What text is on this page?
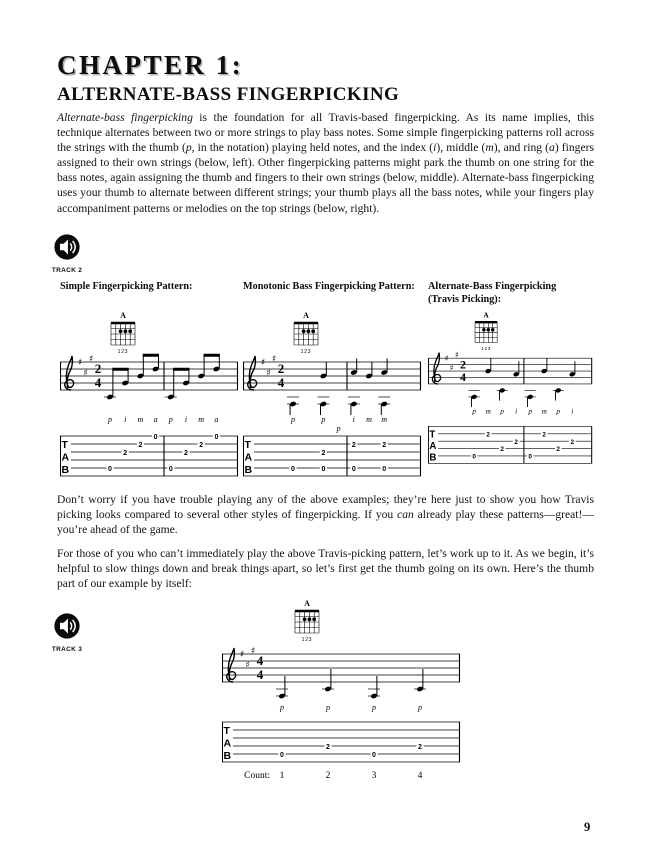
CHAPTER 1:
ALTERNATE-BASS FINGERPICKING

Alternate-bass fingerpicking is the foundation for all Travis-based fingerpicking. As its name implies, this technique alternates between two or more strings to play bass notes. Some simple fingerpicking patterns roll across the strings with the thumb (p, in the notation) playing held notes, and the index (i), middle (m), and ring (a) fingers assigned to their own strings (below, left). Other fingerpicking patterns might park the thumb on one string for the bass notes, again assigning the thumb and fingers to their own strings (below, middle). Alternate-bass fingerpicking uses your thumb to alternate between different strings; your thumb plays all the bass notes, while your fingers play accompaniment patterns or melodies on the top strings (below, right).

TRACK 2
Simple Fingerpicking Pattern:
A
123
♯
♯
♯
2
4
p i m a p i m a
T
A
B	0
2
2
0
0
2
2
0
Monotonic Bass Fingerpicking Pattern:
A
123
♯
♯
♯
2
4
p	p	i m m
p
T
A
B	0	0	0	0
2
2	2
Alternate-Bass Fingerpicking
(Travis Picking):
A
123
♯
♯
♯
2
4
p m p i p m p i
T
A
B	0
2
2
2
0
2
2
2

Don’t worry if you have trouble playing any of the above examples; they’re here just to show you how Travis picking looks compared to several other styles of fingerpicking. If you can already play these patterns—great!—you’re ahead of the game.

For those of you who can’t immediately play the above Travis-picking pattern, let’s work up to it. As we begin, it’s helpful to slow things down and break things apart, so let’s first get the thumb going on its own. Here’s the thumb part of our example by itself:

TRACK 3
A
123
♯
♯
♯
4
4
p	p	p	p
T
A
B	0
2
0
2
Count: 1	2	3	4
9
